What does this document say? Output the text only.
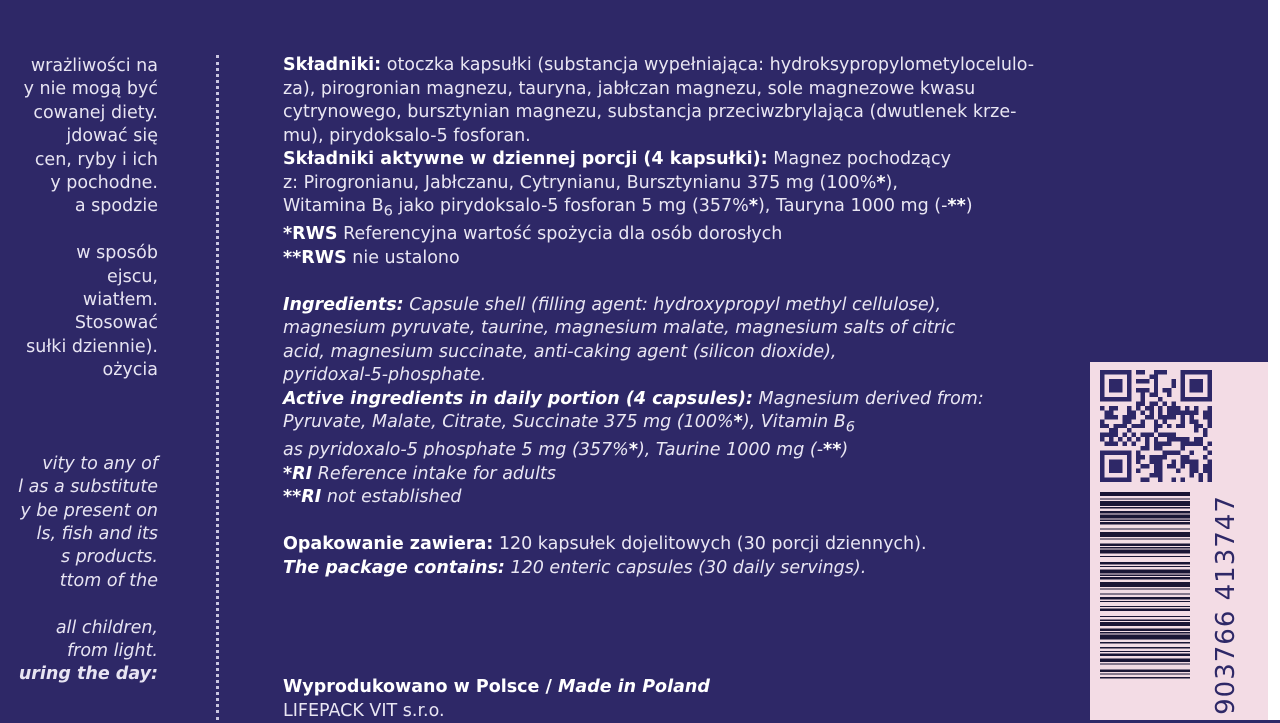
wrażliwości na
y nie mogą być
cowanej diety.
jdować się
cen, ryby i ich
y pochodne.
a spodzie
w sposób
ejscu,
wiatłem.
Stosować
sułki dziennie).
ożycia
vity to any of
l as a substitute
y be present on
ls, fish and its
s products.
ttom of the
all children,
from light.
uring the day:

Składniki: otoczka kapsułki (substancja wypełniająca: hydroksypropylometylocelulo-

za), pirogronian magnezu, tauryna, jabłczan magnezu, sole magnezowe kwasu

cytrynowego, bursztynian magnezu, substancja przeciwzbrylająca (dwutlenek krze-

mu), pirydoksalo-5 fosforan.

Składniki aktywne w dziennej porcji (4 kapsułki): Magnez pochodzący

z: Pirogronianu, Jabłczanu, Cytrynianu, Bursztynianu 375 mg (100%*),

Witamina $B_6$ jako pirydoksalo-5 fosforan 5 mg (357%*), Tauryna 1000 mg (-**)

*RWS Referencyjna wartość spożycia dla osób dorosłych

**RWS nie ustalono

Ingredients: Capsule shell (filling agent: hydroxypropyl methyl cellulose),

magnesium pyruvate, taurine, magnesium malate, magnesium salts of citric

acid, magnesium succinate, anti-caking agent (silicon dioxide),

pyridoxal-5-phosphate.

Active ingredients in daily portion (4 capsules): Magnesium derived from:

Pyruvate, Malate, Citrate, Succinate 375 mg (100%*), Vitamin $B_6$

as pyridoxalo-5 phosphate 5 mg (357%*), Taurine 1000 mg (-**)

*RI Reference intake for adults

**RI not established

Opakowanie zawiera: 120 kapsułek dojelitowych (30 porcji dziennych).

The package contains: 120 enteric capsules (30 daily servings).

Wyprodukowano w Polsce / Made in Poland

LIFEPACK VIT s.r.o.	903766 413747
